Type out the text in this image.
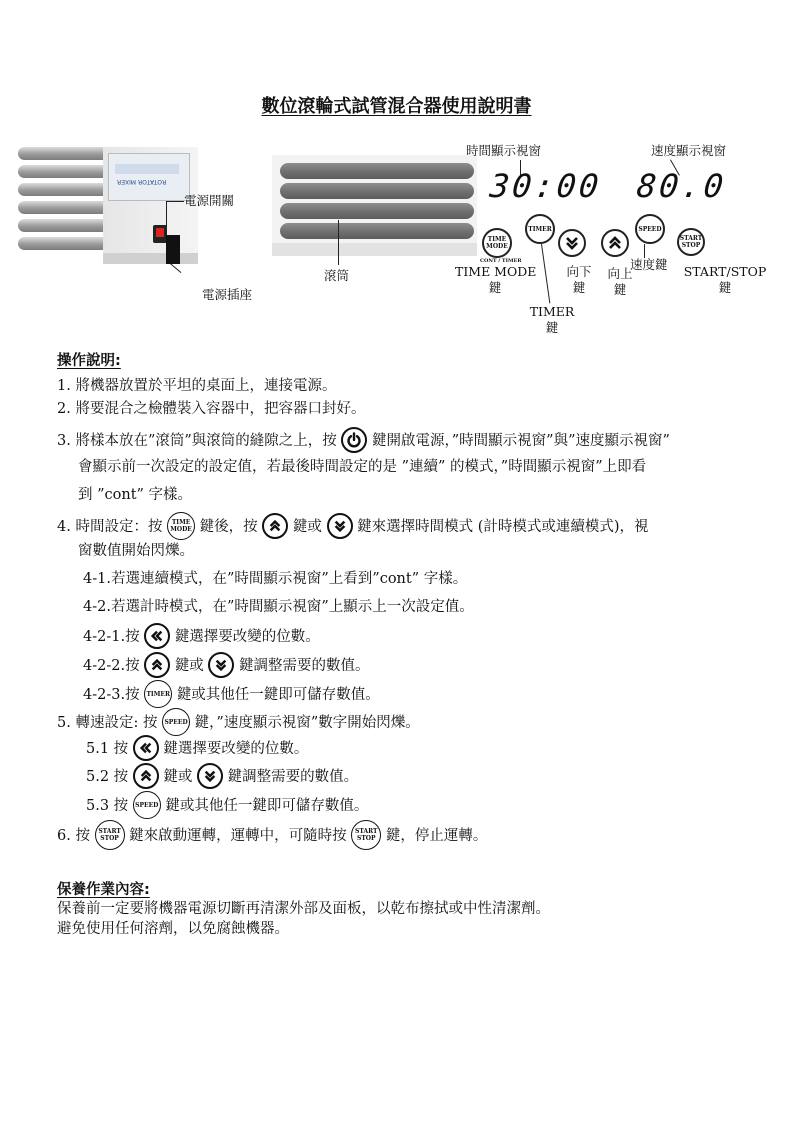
數位滾輪式試管混合器使用說明書
ROTATOR MIXER
電源開關
電源插座
滾筒
時間顯示視窗	速度顯示視窗
30:00 80.0
TIME MODE
CONT / TIMER
TIMER	SPEED
START
STOP
TIME MODE
鍵
TIMER
鍵
向下
鍵
向上
鍵
速度鍵 START/STOP
鍵
操作說明:
1. 將機器放置於平坦的桌面上，連接電源。
2. 將要混合之檢體裝入容器中，把容器口封好。
3. 將樣本放在”滾筒”與滾筒的縫隙之上，按 鍵開啟電源，”時間顯示視窗”與”速度顯示視窗”
會顯示前一次設定的設定值，若最後時間設定的是 ”連續” 的模式，”時間顯示視窗”上即看
到 ”cont” 字樣。
4. 時間設定：按 TIME
MODE 鍵後，按 鍵或 鍵來選擇時間模式 (計時模式或連續模式)，視
窗數值開始閃爍。
4-1.若選連續模式，在”時間顯示視窗”上看到”cont” 字樣。
4-2.若選計時模式，在”時間顯示視窗”上顯示上一次設定值。
4-2-1.按 鍵選擇要改變的位數。
4-2-2.按 鍵或 鍵調整需要的數值。
4-2-3.按 TIMER 鍵或其他任一鍵即可儲存數值。
5. 轉速設定: 按 SPEED 鍵，”速度顯示視窗”數字開始閃爍。
5.1 按 鍵選擇要改變的位數。
5.2 按 鍵或 鍵調整需要的數值。
5.3 按 SPEED 鍵或其他任一鍵即可儲存數值。
6. 按 START
STOP 鍵來啟動運轉，運轉中，可隨時按 START
STOP 鍵，停止運轉。
保養作業內容:
保養前一定要將機器電源切斷再清潔外部及面板，以乾布擦拭或中性清潔劑。
避免使用任何溶劑，以免腐蝕機器。
